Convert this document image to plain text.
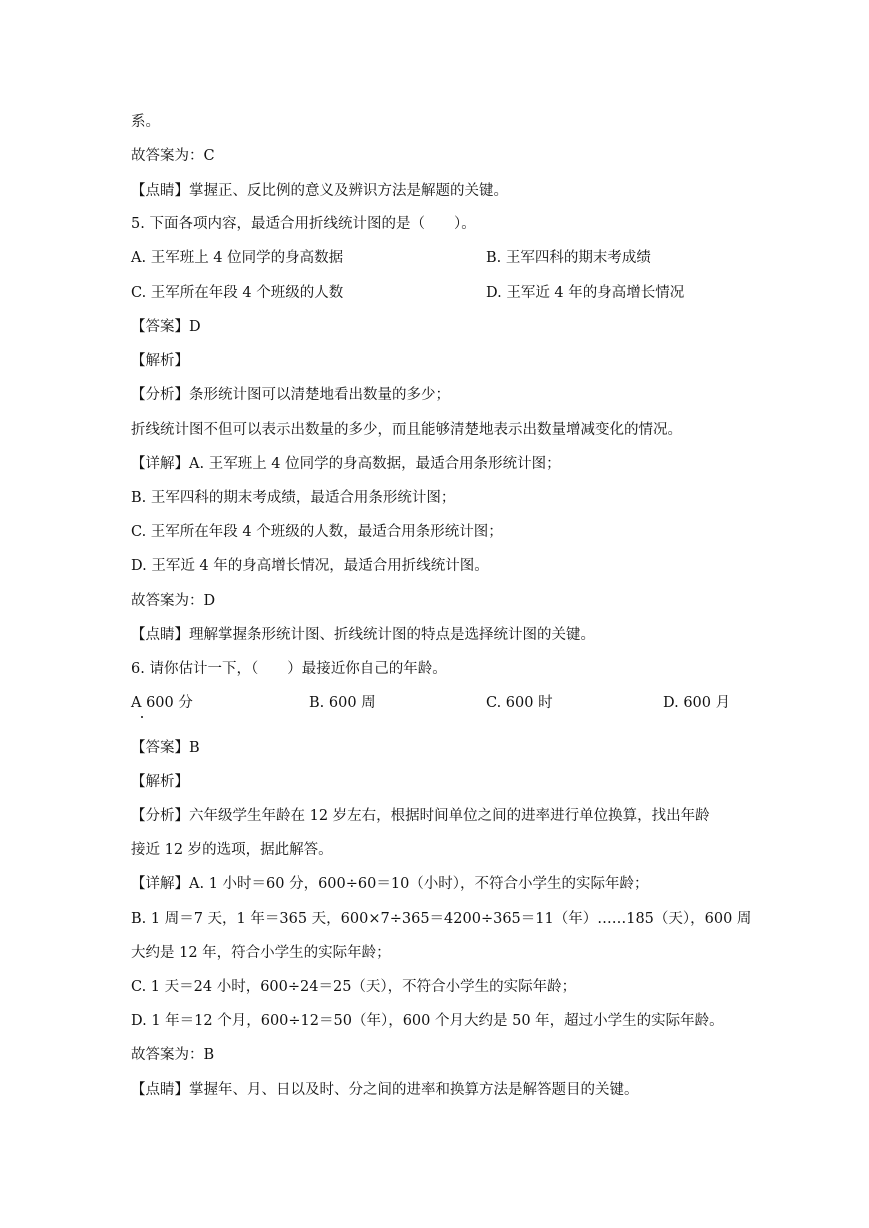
系。
故答案为：C
【点睛】掌握正、反比例的意义及辨识方法是解题的关键。
5. 下面各项内容，最适合用折线统计图的是（　　）。
A. 王军班上 4 位同学的身高数据	B. 王军四科的期末考成绩
C. 王军所在年段 4 个班级的人数	D. 王军近 4 年的身高增长情况
【答案】D
【解析】
【分析】条形统计图可以清楚地看出数量的多少；
折线统计图不但可以表示出数量的多少，而且能够清楚地表示出数量增减变化的情况。
【详解】A. 王军班上 4 位同学的身高数据，最适合用条形统计图；
B. 王军四科的期末考成绩，最适合用条形统计图；
C. 王军所在年段 4 个班级的人数，最适合用条形统计图；
D. 王军近 4 年的身高增长情况，最适合用折线统计图。
故答案为：D
【点睛】理解掌握条形统计图、折线统计图的特点是选择统计图的关键。
6. 请你估计一下，（　　）最接近你自己的年龄。
A 600 分	B. 600 周	C. 600 时	D. 600 月
【答案】B
【解析】
【分析】六年级学生年龄在 12 岁左右，根据时间单位之间的进率进行单位换算，找出年龄
接近 12 岁的选项，据此解答。
【详解】A. 1 小时＝60 分，600÷60＝10（小时），不符合小学生的实际年龄；
B. 1 周＝7 天，1 年＝365 天，600×7÷365＝4200÷365＝11（年）……185（天），600 周
大约是 12 年，符合小学生的实际年龄；
C. 1 天＝24 小时，600÷24＝25（天），不符合小学生的实际年龄；
D. 1 年＝12 个月，600÷12＝50（年），600 个月大约是 50 年，超过小学生的实际年龄。
故答案为：B
【点睛】掌握年、月、日以及时、分之间的进率和换算方法是解答题目的关键。
